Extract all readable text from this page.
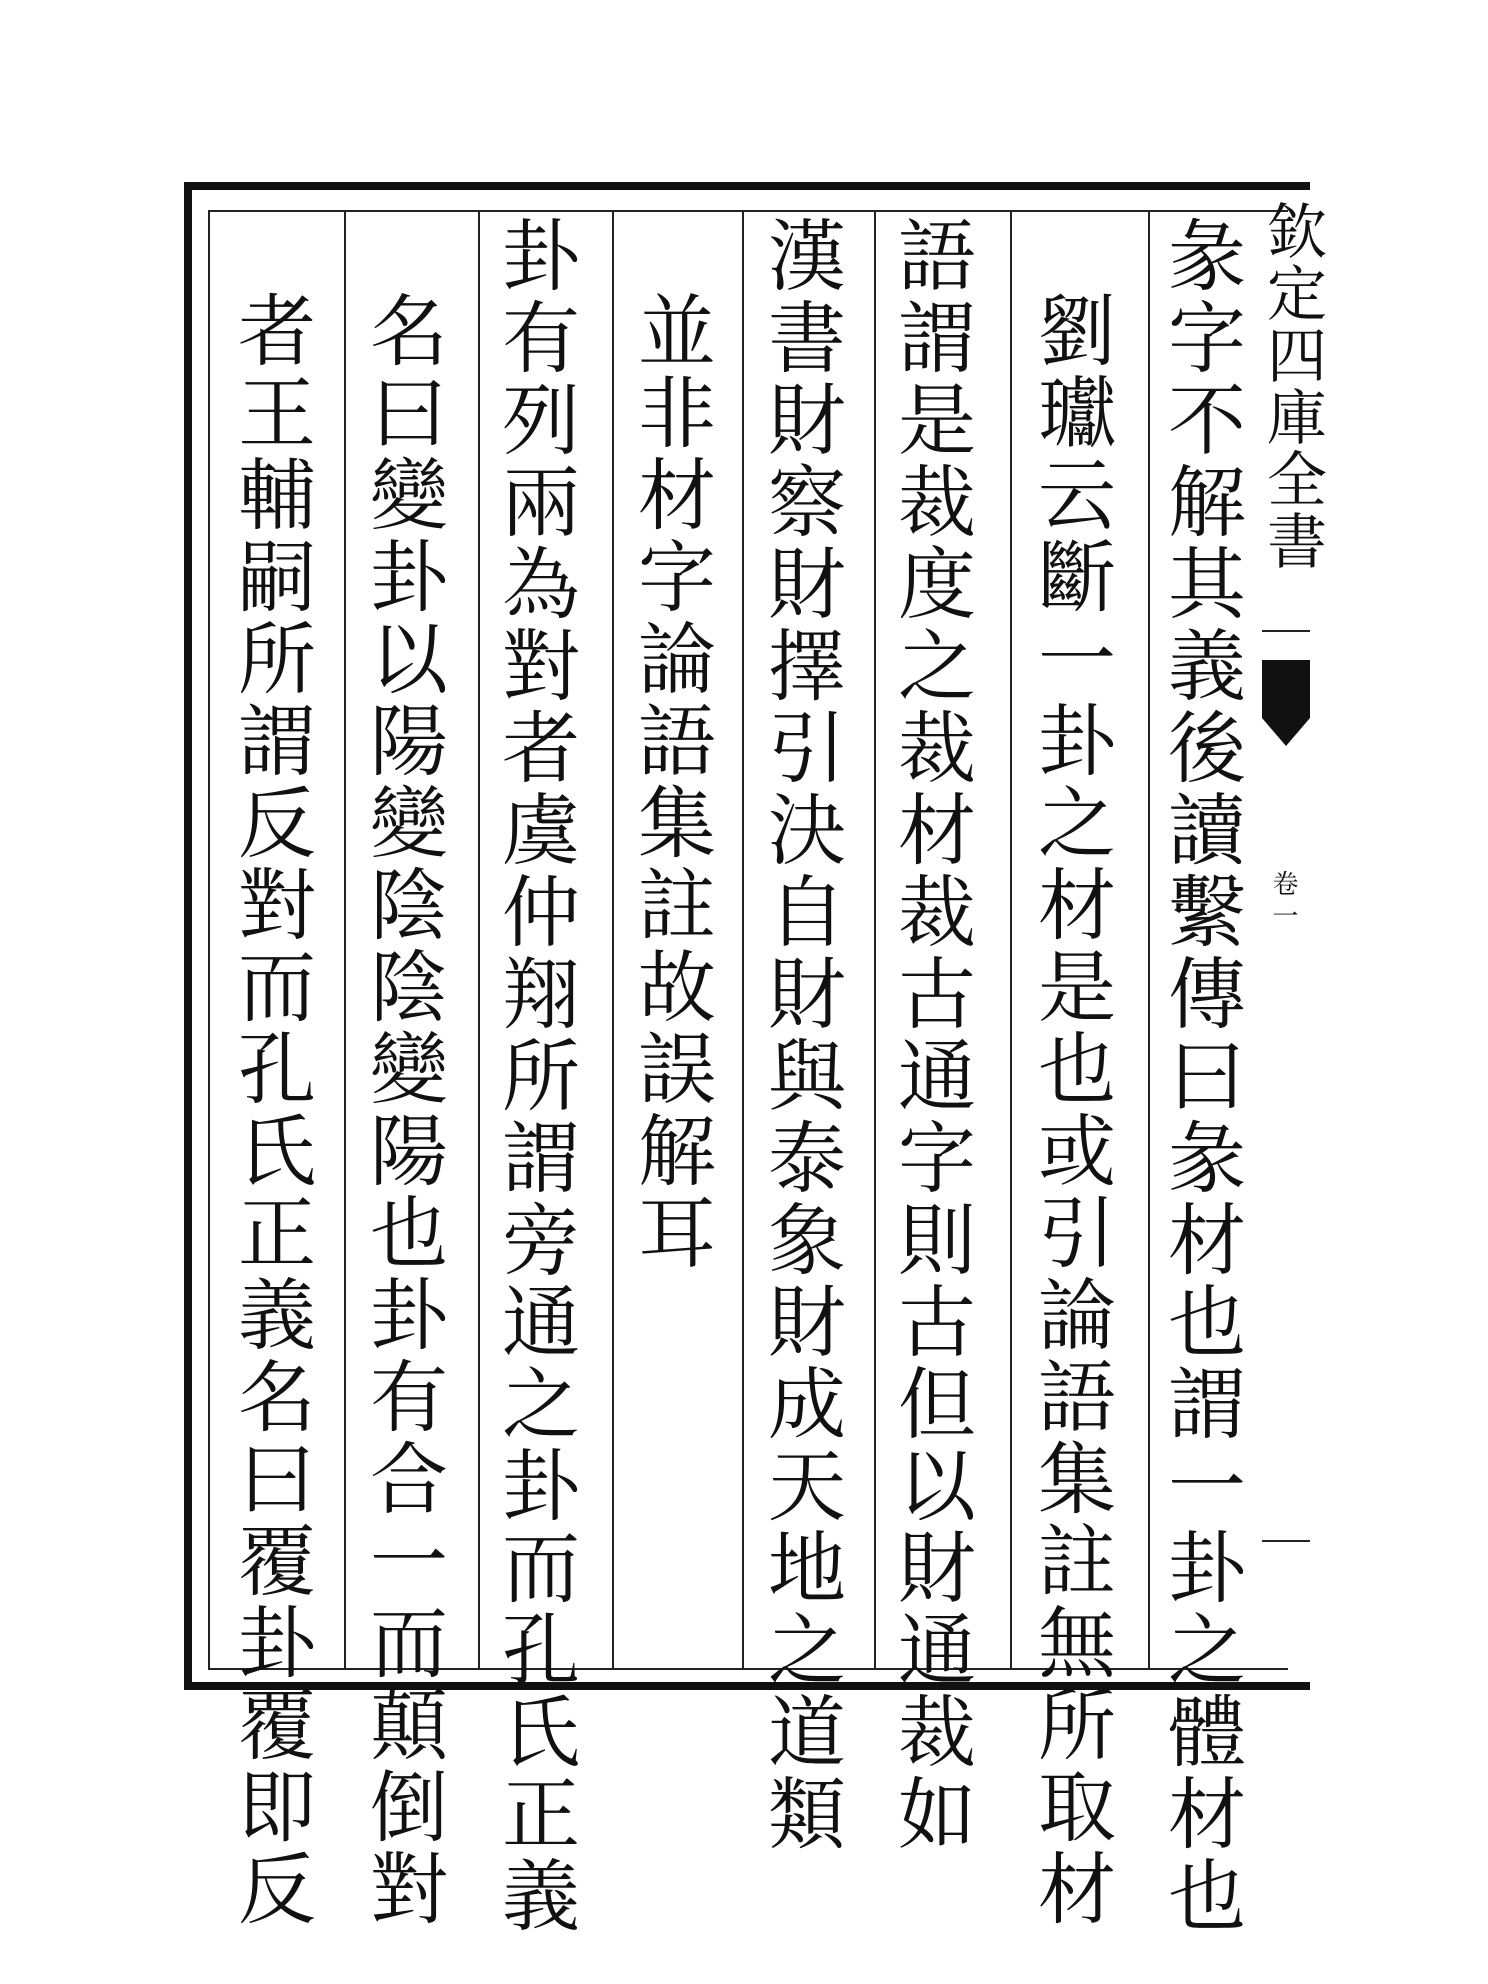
欽定四庫全書
卷一
彖字不解其義後讀繫傳曰彖材也謂一卦之體材也
劉瓛云斷一卦之材是也或引論語集註無所取材
語謂是裁度之裁材裁古通字則古但以財通裁如
漢書財察財擇引決自財與泰象財成天地之道類
並非材字論語集註故誤解耳
卦有列兩為對者虞仲翔所謂旁通之卦而孔氏正義
名曰變卦以陽變陰陰變陽也卦有合一而顛倒對
者王輔嗣所謂反對而孔氏正義名曰覆卦覆即反
